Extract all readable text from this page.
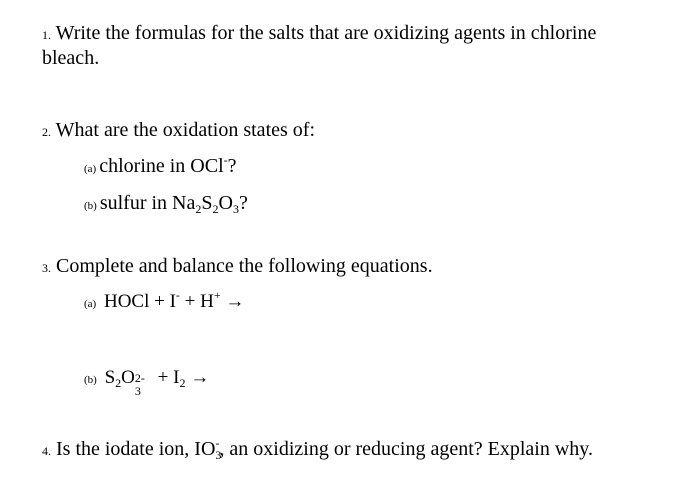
1. Write the formulas for the salts that are oxidizing agents in chlorine
bleach.
2. What are the oxidation states of:
(a) chlorine in OCl-?
(b) sulfur in $Na_2S_2O_3$?
3. Complete and balance the following equations.
(a) HOCl + I- + H+ →
(b) $S_2O$ 2-
3
+ $I_2$ →
4. Is the iodate ion, $IO_3^-$, an oxidizing or reducing agent? Explain why.
